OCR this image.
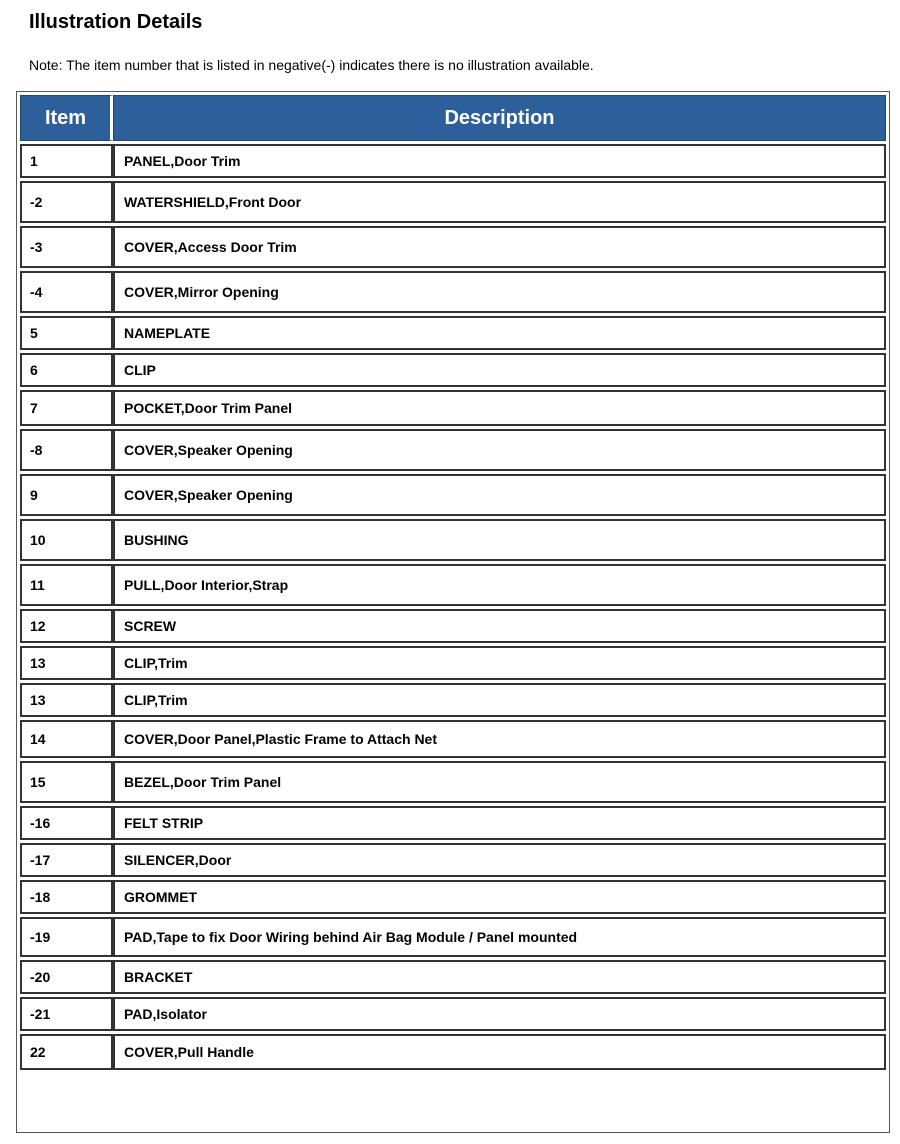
Illustration Details

Note: The item number that is listed in negative(-) indicates there is no illustration available.

Item	Description

1	PANEL,Door Trim

-2	WATERSHIELD,Front Door

-3	COVER,Access Door Trim

-4	COVER,Mirror Opening

5	NAMEPLATE

6	CLIP

7	POCKET,Door Trim Panel

-8	COVER,Speaker Opening

9	COVER,Speaker Opening

10	BUSHING

11	PULL,Door Interior,Strap

12	SCREW

13	CLIP,Trim

13	CLIP,Trim

14	COVER,Door Panel,Plastic Frame to Attach Net

15	BEZEL,Door Trim Panel

-16	FELT STRIP

-17	SILENCER,Door

-18	GROMMET

-19	PAD,Tape to fix Door Wiring behind Air Bag Module / Panel mounted

-20	BRACKET

-21	PAD,Isolator

22	COVER,Pull Handle
